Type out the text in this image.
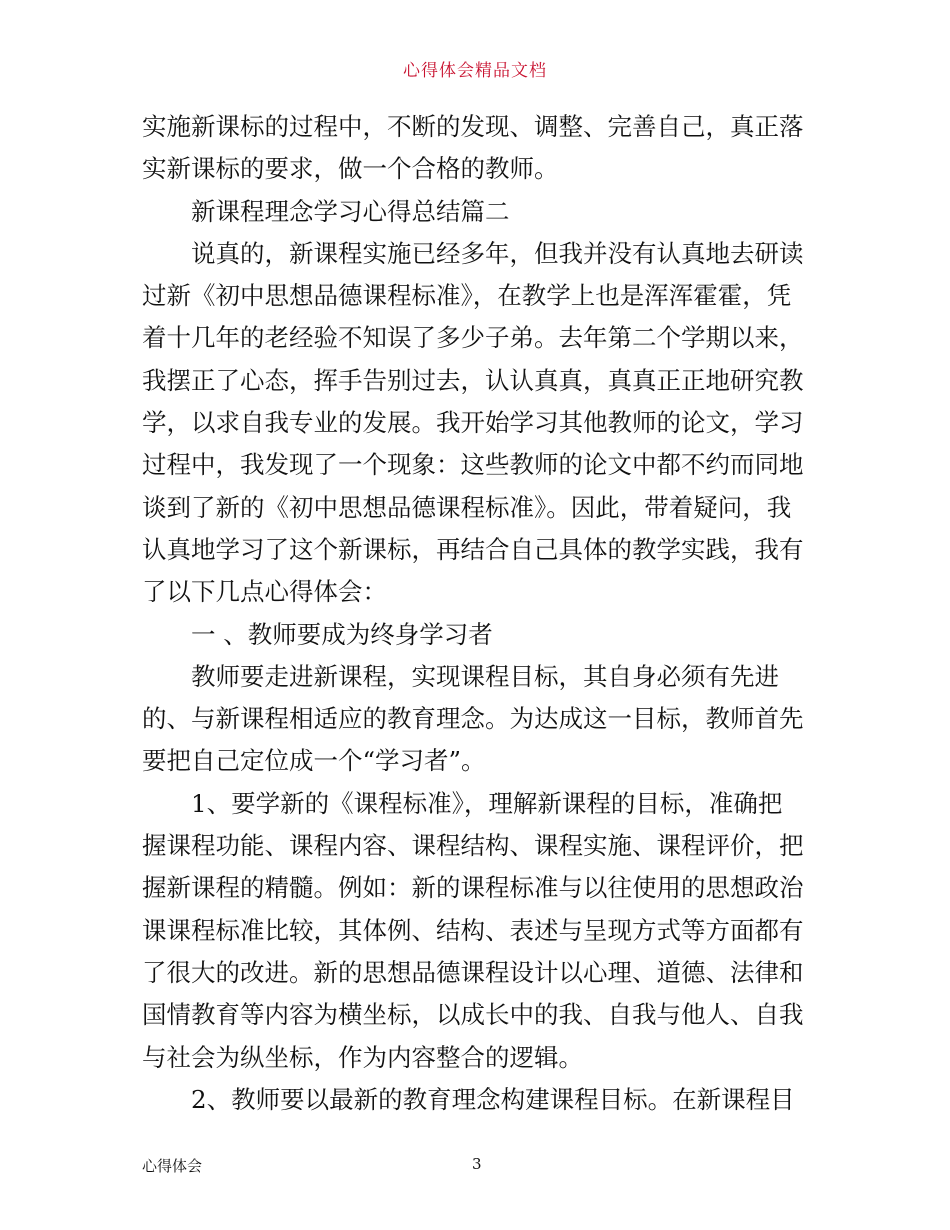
心得体会精品文档
实施新课标的过程中，不断的发现、调整、完善自己，真正落
实新课标的要求，做一个合格的教师。
新课程理念学习心得总结篇二
说真的，新课程实施已经多年，但我并没有认真地去研读
过新《初中思想品德课程标准》，在教学上也是浑浑霍霍，凭
着十几年的老经验不知误了多少子弟。去年第二个学期以来，
我摆正了心态，挥手告别过去，认认真真，真真正正地研究教
学，以求自我专业的发展。我开始学习其他教师的论文，学习
过程中，我发现了一个现象：这些教师的论文中都不约而同地
谈到了新的《初中思想品德课程标准》。因此，带着疑问，我
认真地学习了这个新课标，再结合自己具体的教学实践，我有
了以下几点心得体会：
一 、教师要成为终身学习者
教师要走进新课程，实现课程目标，其自身必须有先进
的、与新课程相适应的教育理念。为达成这一目标，教师首先
要把自己定位成一个“学习者”。
1、要学新的《课程标准》，理解新课程的目标，准确把
握课程功能、课程内容、课程结构、课程实施、课程评价，把
握新课程的精髓。例如：新的课程标准与以往使用的思想政治
课课程标准比较，其体例、结构、表述与呈现方式等方面都有
了很大的改进。新的思想品德课程设计以心理、道德、法律和
国情教育等内容为横坐标，以成长中的我、自我与他人、自我
与社会为纵坐标，作为内容整合的逻辑。
2、教师要以最新的教育理念构建课程目标。在新课程目
心得体会	3
